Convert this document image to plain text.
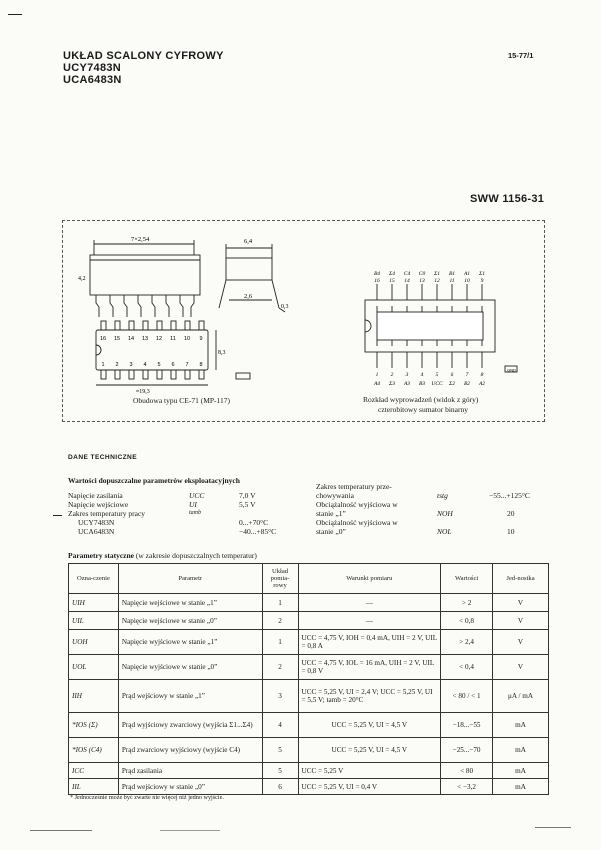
UKŁAD SCALONY CYFROWY
UCY7483N
UCA6483N
15-77/1
SWW 1156-31
7×2,54	6,4
2,6
0,3
4,2
8,3
≈19,3
16 15 14 13 12 11 10 9
1 2 3 4 5 6 7 8
B4 Σ4 C4 C0 Σ1 B1 A1 Σ1
16 15 14 13 12 11 10 9
1 2 3 4 5 6 7 8
A4 Σ3 A3 B3 UCC Σ2 B2 A2
GND
Obudowa typu CE-71 (MP-117)	Rozkład wyprowadzeń (widok z góry)
czterobitowy sumator binarny
DANE TECHNICZNE
Wartości dopuszczalne parametrów eksploatacyjnych
Napięcie zasilania	UCC	7,0 V
Napięcie wejściowe	UI	5,5 V
Zakres temperatury pracy	tamb
UCY7483N	0...+70°C
UCA6483N	−40...+85°C
Zakres temperatury prze-
chowywania	tstg	−55...+125°C
Obciążalność wyjściowa w
stanie „1”	NOH	20
Obciążalność wyjściowa w
stanie „0”	NOL	10
Parametry statyczne (w zakresie dopuszczalnych temperatur)
Ozna-czenie	Parametr	Układ pomia-rowy	Warunki pomiaru	Wartości	Jed-nostka
UIH	Napięcie wejściowe w stanie „1”	1	—	> 2	V
UIL	Napięcie wejściowe w stanie „0”	2	—	< 0,8	V
UOH	Napięcie wyjściowe w stanie „1”	1	UCC = 4,75 V, IOH = 0,4 mA, UIH = 2 V, UIL = 0,8 A	> 2,4	V
UOL	Napięcie wyjściowe w stanie „0”	2	UCC = 4,75 V, IOL = 16 mA, UIH = 2 V, UIL = 0,8 V	< 0,4	V
IIH	Prąd wejściowy w stanie „1”	3	UCC = 5,25 V, UI = 2,4 V; UCC = 5,25 V, UI = 5,5 V; tamb = 20°C	< 80 / < 1	μA / mA
*IOS (Σ)	Prąd wyjściowy zwarciowy (wyjścia Σ1...Σ4)	4	UCC = 5,25 V, UI = 4,5 V	−18...−55	mA
*IOS (C4)	Prąd zwarciowy wyjściowy (wyjście C4)	5	UCC = 5,25 V, UI = 4,5 V	−25...−70	mA
ICC	Prąd zasilania	5	UCC = 5,25 V	< 80	mA
IIL	Prąd wejściowy w stanie „0”	6	UCC = 5,25 V, UI = 0,4 V	< −3,2	mA
* Jednocześnie może być zwarte nie więcej niż jedno wyjście.
